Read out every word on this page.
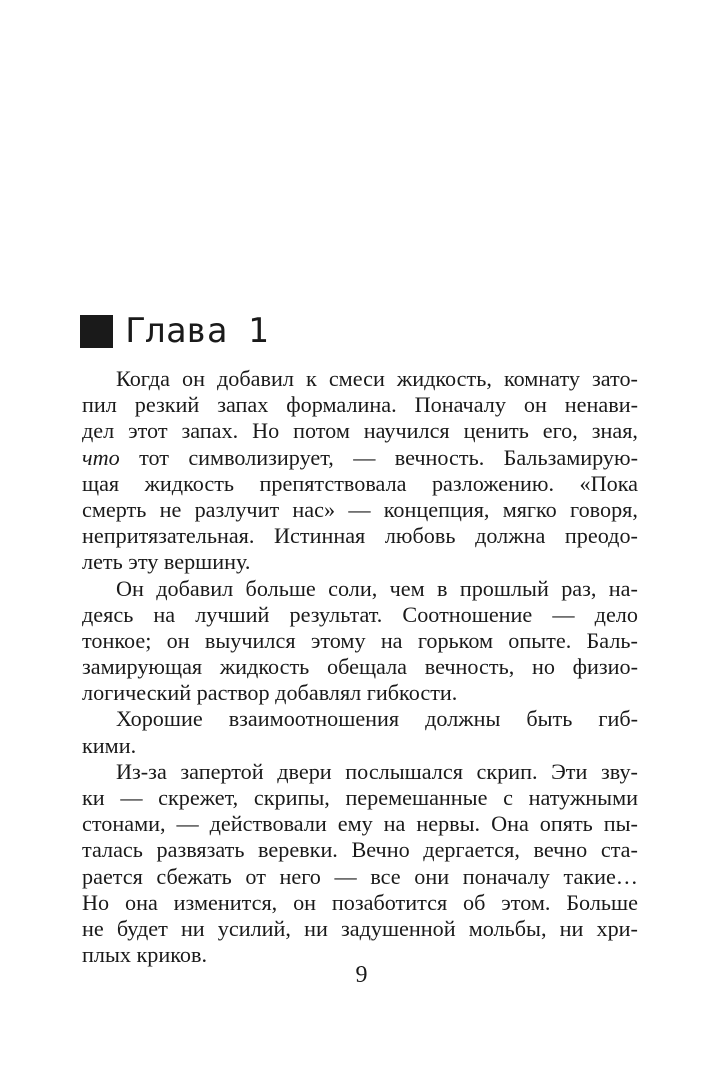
Глава 1
Когда он добавил к смеси жидкость, комнату зато-
пил резкий запах формалина. Поначалу он ненави-
дел этот запах. Но потом научился ценить его, зная,
что тот символизирует, — вечность. Бальзамирую-
щая жидкость препятствовала разложению. «Пока
смерть не разлучит нас» — концепция, мягко говоря,
непритязательная. Истинная любовь должна преодо-
леть эту вершину.
Он добавил больше соли, чем в прошлый раз, на-
деясь на лучший результат. Соотношение — дело
тонкое; он выучился этому на горьком опыте. Баль-
замирующая жидкость обещала вечность, но физио-
логический раствор добавлял гибкости.
Хорошие взаимоотношения должны быть гиб-
кими.
Из-за запертой двери послышался скрип. Эти зву-
ки — скрежет, скрипы, перемешанные с натужными
стонами, — действовали ему на нервы. Она опять пы-
талась развязать веревки. Вечно дергается, вечно ста-
рается сбежать от него — все они поначалу такие…
Но она изменится, он позаботится об этом. Больше
не будет ни усилий, ни задушенной мольбы, ни хри-
плых криков.
9
